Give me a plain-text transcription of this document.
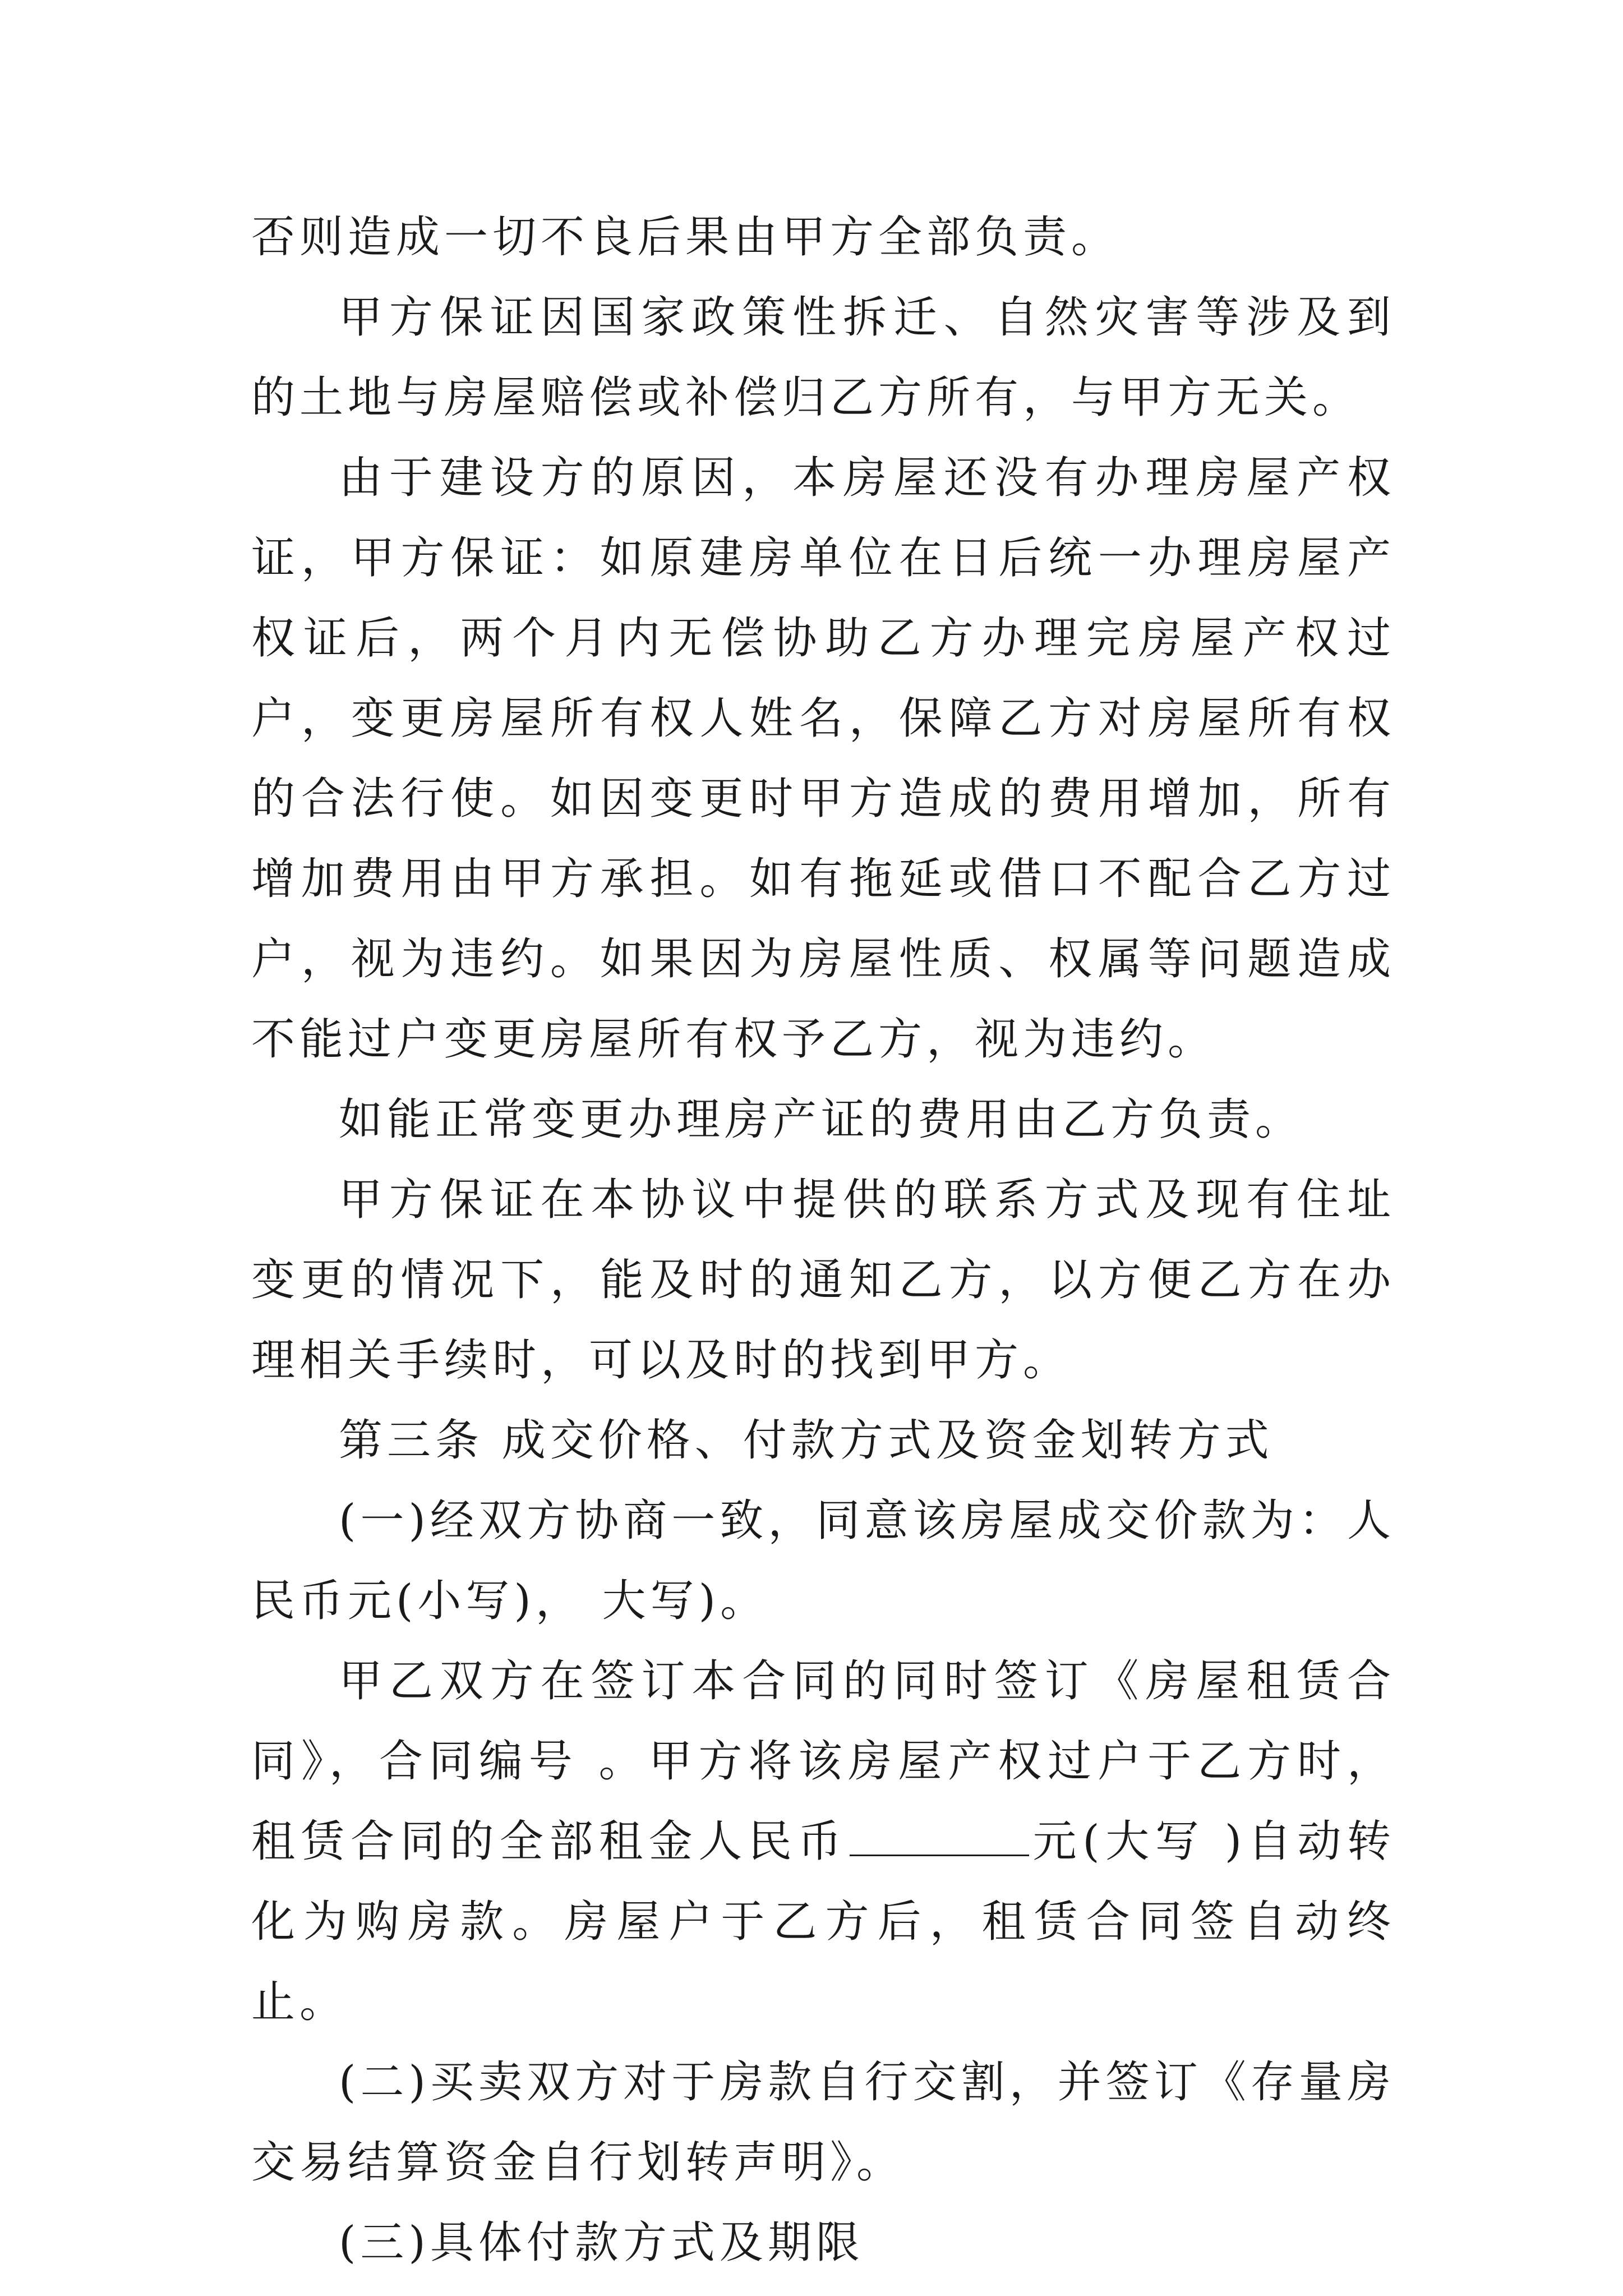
否则造成一切不良后果由甲方全部负责。

甲方保证因国家政策性拆迁、自然灾害等涉及到的土地与房屋赔偿或补偿归乙方所有，与甲方无关。

由于建设方的原因，本房屋还没有办理房屋产权证，甲方保证：如原建房单位在日后统一办理房屋产权证后，两个月内无偿协助乙方办理完房屋产权过户，变更房屋所有权人姓名，保障乙方对房屋所有权的合法行使。如因变更时甲方造成的费用增加，所有增加费用由甲方承担。如有拖延或借口不配合乙方过户，视为违约。如果因为房屋性质、权属等问题造成不能过户变更房屋所有权予乙方，视为违约。

如能正常变更办理房产证的费用由乙方负责。

甲方保证在本协议中提供的联系方式及现有住址变更的情况下，能及时的通知乙方，以方便乙方在办理相关手续时，可以及时的找到甲方。

第三条 成交价格、付款方式及资金划转方式

(一)经双方协商一致，同意该房屋成交价款为：人民币元(小写)， 大写)。

甲乙双方在签订本合同的同时签订《房屋租赁合同》，合同编号 。甲方将该房屋产权过户于乙方时，租赁合同的全部租金人民币	元(大写 )自动转化为购房款。房屋户于乙方后，租赁合同签自动终止。

(二)买卖双方对于房款自行交割，并签订《存量房交易结算资金自行划转声明》。

(三)具体付款方式及期限
